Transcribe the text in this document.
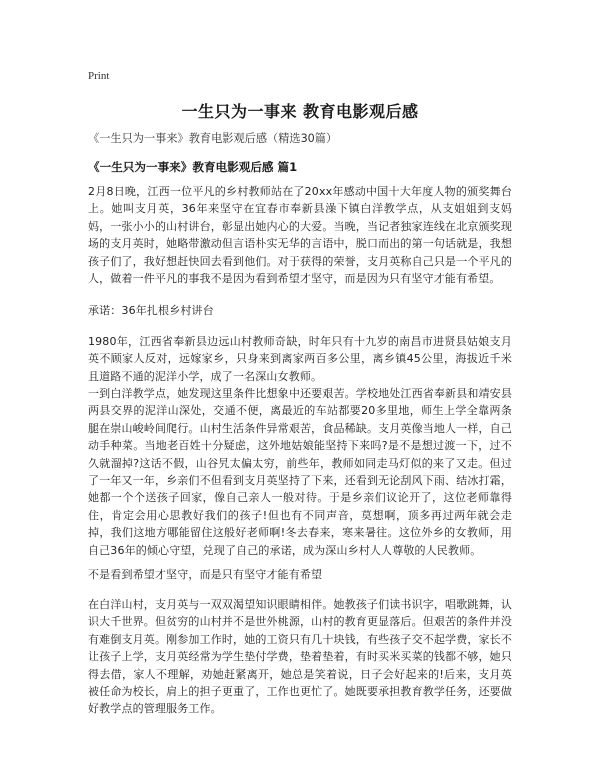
Print
一生只为一事来 教育电影观后感

《一生只为一事来》教育电影观后感（精选30篇）

《一生只为一事来》教育电影观后感 篇1

2月8日晚，江西一位平凡的乡村教师站在了20xx年感动中国十大年度人物的颁奖舞台上。她叫支月英，36年来坚守在宜春市奉新县澡下镇白洋教学点，从支姐姐到支妈妈，一张小小的山村讲台，彰显出她内心的大爱。当晚，当记者独家连线在北京颁奖现场的支月英时，她略带激动但言语朴实无华的言语中，脱口而出的第一句话就是，我想孩子们了，我好想赶快回去看到他们。对于获得的荣誉，支月英称自己只是一个平凡的人，做着一件平凡的事我不是因为看到希望才坚守，而是因为只有坚守才能有希望。

承诺：36年扎根乡村讲台

1980年，江西省奉新县边远山村教师奇缺，时年只有十九岁的南昌市进贤县姑娘支月英不顾家人反对，远嫁家乡，只身来到离家两百多公里，离乡镇45公里，海拔近千米且道路不通的泥洋小学，成了一名深山女教师。

一到白洋教学点，她发现这里条件比想象中还要艰苦。学校地处江西省奉新县和靖安县两县交界的泥洋山深处，交通不便，离最近的车站都要20多里地，师生上学全靠两条腿在崇山峻岭间爬行。山村生活条件异常艰苦，食品稀缺。支月英像当地人一样，自己动手种菜。当地老百姓十分疑虑，这外地姑娘能坚持下来吗?是不是想过渡一下，过不久就溜掉?这话不假，山谷旯太偏太穷，前些年，教师如同走马灯似的来了又走。但过了一年又一年，乡亲们不但看到支月英坚持了下来，还看到无论刮风下雨、结冰打霜，她都一个个送孩子回家，像自己亲人一般对待。于是乡亲们议论开了，这位老师靠得住，肯定会用心思教好我们的孩子!但也有不同声音，莫想啊，顶多再过两年就会走掉，我们这地方哪能留住这般好老师啊!冬去春来，寒来暑往。这位外乡的女教师，用自己36年的倾心守望，兑现了自己的承诺，成为深山乡村人人尊敬的人民教师。

不是看到希望才坚守，而是只有坚守才能有希望

在白洋山村，支月英与一双双渴望知识眼睛相伴。她教孩子们读书识字，唱歌跳舞，认识大千世界。但贫穷的山村并不是世外桃源，山村的教育更显落后。但艰苦的条件并没有难倒支月英。刚参加工作时，她的工资只有几十块钱，有些孩子交不起学费，家长不让孩子上学，支月英经常为学生垫付学费，垫着垫着，有时买米买菜的钱都不够，她只得去借，家人不理解，劝她赶紧离开，她总是笑着说，日子会好起来的!后来，支月英被任命为校长，肩上的担子更重了，工作也更忙了。她既要承担教育教学任务，还要做好教学点的管理服务工作。
